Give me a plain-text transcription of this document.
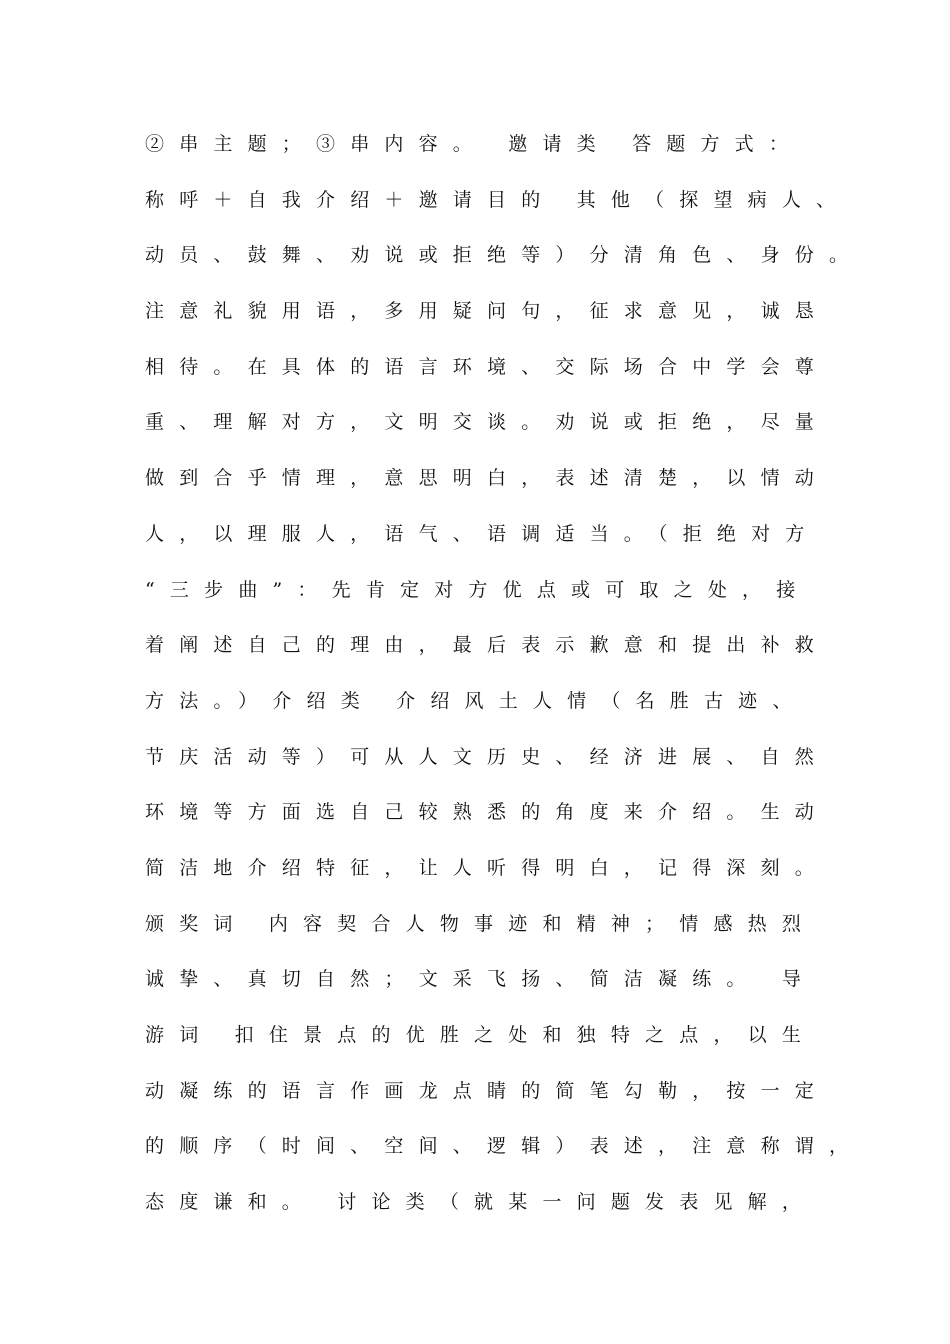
②串主题；③串内容。 邀请类 答题方式：
称呼＋自我介绍＋邀请目的 其他（探望病人、
动员、鼓舞、劝说或拒绝等）分清角色、身份。
注意礼貌用语，多用疑问句，征求意见，诚恳
相待。在具体的语言环境、交际场合中学会尊
重、理解对方，文明交谈。劝说或拒绝，尽量
做到合乎情理，意思明白，表述清楚，以情动
人，以理服人，语气、语调适当。（拒绝对方
“三步曲”：先肯定对方优点或可取之处，接
着阐述自己的理由，最后表示歉意和提出补救
方法。）介绍类 介绍风土人情（名胜古迹、
节庆活动等）可从人文历史、经济进展、自然
环境等方面选自己较熟悉的角度来介绍。生动
简洁地介绍特征，让人听得明白，记得深刻。
颁奖词 内容契合人物事迹和精神；情感热烈
诚挚、真切自然；文采飞扬、简洁凝练。 导
游词 扣住景点的优胜之处和独特之点，以生
动凝练的语言作画龙点睛的简笔勾勒，按一定
的顺序（时间、空间、逻辑）表述，注意称谓，
态度谦和。 讨论类（就某一问题发表见解，
